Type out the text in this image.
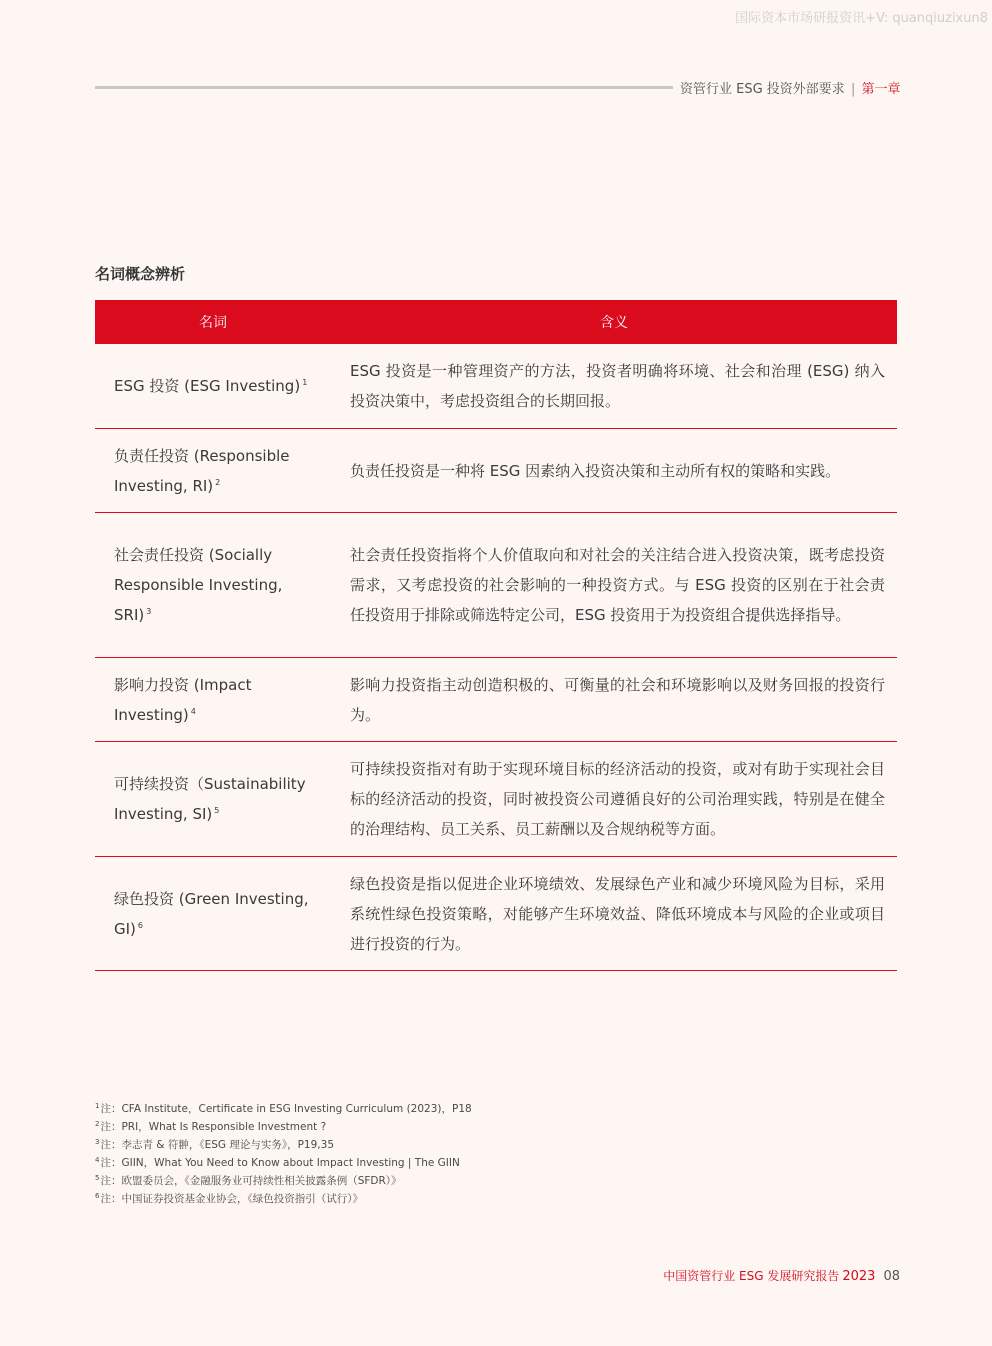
国际资本市场研报资讯+V: quanqiuzixun8
资管行业 ESG 投资外部要求 | 第一章
名词概念辨析
名词	含义
ESG 投资 (ESG Investing) $^1$
ESG 投资是一种管理资产的方法，投资者明确将环境、社会和治理 (ESG) 纳入投资决策中，考虑投资组合的长期回报。
负责任投资 (Responsible Investing, RI) $^2$
负责任投资是一种将 ESG 因素纳入投资决策和主动所有权的策略和实践。
社会责任投资 (Socially Responsible Investing, SRI) $^3$
社会责任投资指将个人价值取向和对社会的关注结合进入投资决策，既考虑投资需求，又考虑投资的社会影响的一种投资方式。与 ESG 投资的区别在于社会责任投资用于排除或筛选特定公司，ESG 投资用于为投资组合提供选择指导。
影响力投资 (Impact Investing) $^4$
影响力投资指主动创造积极的、可衡量的社会和环境影响以及财务回报的投资行为。
可持续投资（Sustainability Investing, SI) $^5$
可持续投资指对有助于实现环境目标的经济活动的投资，或对有助于实现社会目标的经济活动的投资，同时被投资公司遵循良好的公司治理实践，特别是在健全的治理结构、员工关系、员工薪酬以及合规纳税等方面。
绿色投资 (Green Investing, GI) $^6$
绿色投资是指以促进企业环境绩效、发展绿色产业和减少环境风险为目标，采用系统性绿色投资策略，对能够产生环境效益、降低环境成本与风险的企业或项目进行投资的行为。
$^1$注：CFA Institute，Certificate in ESG Investing Curriculum (2023)，P18
$^2$注：PRI，What Is Responsible Investment ?
$^3$注：李志青 & 符翀，《ESG 理论与实务》，P19,35
$^4$注：GIIN，What You Need to Know about Impact Investing | The GIIN
$^5$注：欧盟委员会，《金融服务业可持续性相关披露条例（SFDR）》
$^6$注：中国证券投资基金业协会，《绿色投资指引（试行）》
中国资管行业 ESG 发展研究报告 2023 08
